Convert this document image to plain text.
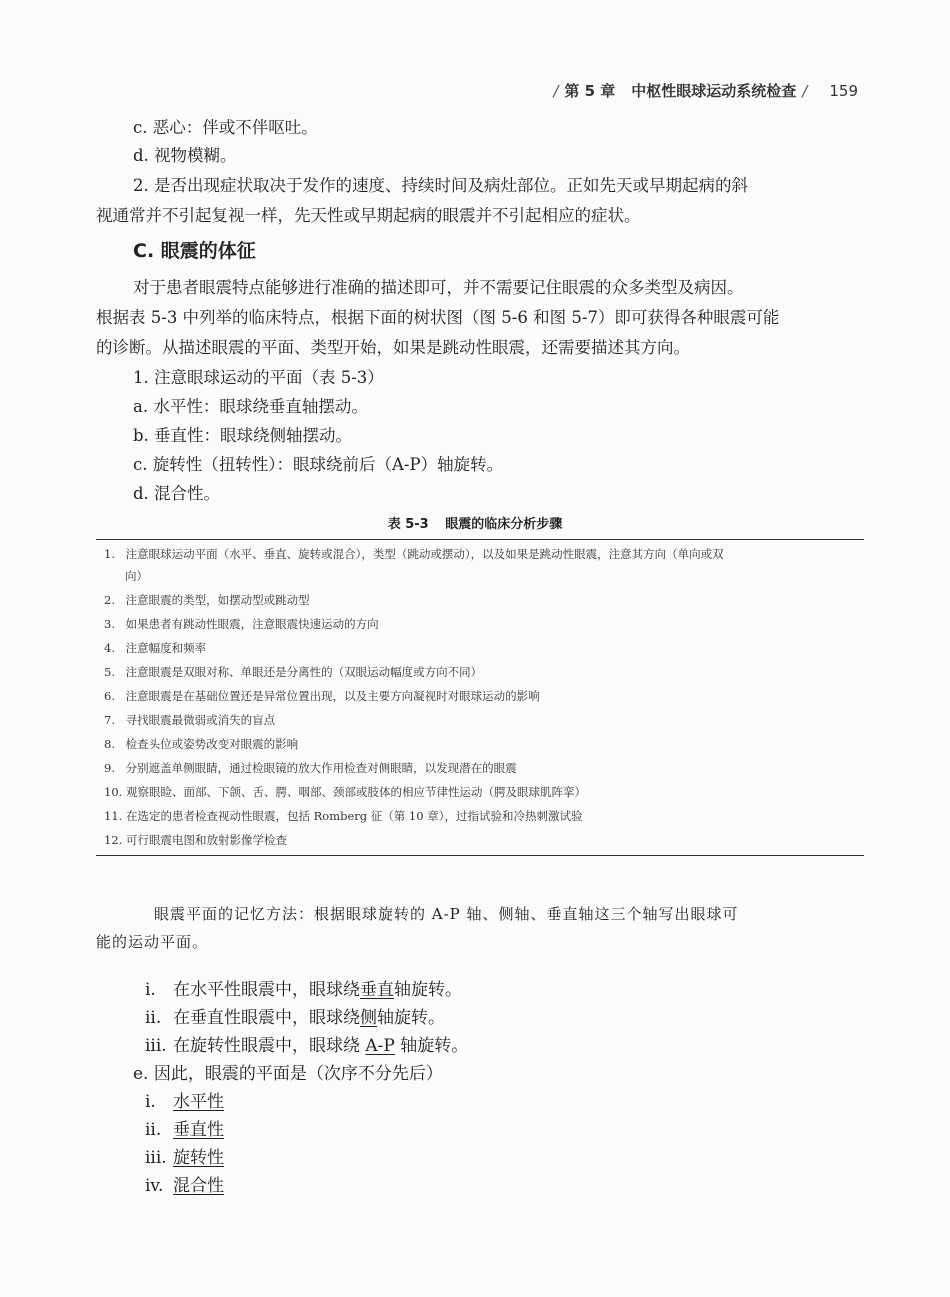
/ 第 5 章 中枢性眼球运动系统检查 / 159
c. 恶心：伴或不伴呕吐。
d. 视物模糊。
2. 是否出现症状取决于发作的速度、持续时间及病灶部位。正如先天或早期起病的斜
视通常并不引起复视一样，先天性或早期起病的眼震并不引起相应的症状。
C. 眼震的体征
对于患者眼震特点能够进行准确的描述即可，并不需要记住眼震的众多类型及病因。
根据表 5-3 中列举的临床特点，根据下面的树状图（图 5-6 和图 5-7）即可获得各种眼震可能
的诊断。从描述眼震的平面、类型开始，如果是跳动性眼震，还需要描述其方向。
1. 注意眼球运动的平面（表 5-3）
a. 水平性：眼球绕垂直轴摆动。
b. 垂直性：眼球绕侧轴摆动。
c. 旋转性（扭转性）：眼球绕前后（A-P）轴旋转。
d. 混合性。
表 5-3 眼震的临床分析步骤
1. 注意眼球运动平面（水平、垂直、旋转或混合），类型（跳动或摆动），以及如果是跳动性眼震，注意其方向（单向或双
向）
2. 注意眼震的类型，如摆动型或跳动型
3. 如果患者有跳动性眼震，注意眼震快速运动的方向
4. 注意幅度和频率
5. 注意眼震是双眼对称、单眼还是分离性的（双眼运动幅度或方向不同）
6. 注意眼震是在基础位置还是异常位置出现，以及主要方向凝视时对眼球运动的影响
7. 寻找眼震最微弱或消失的盲点
8. 检查头位或姿势改变对眼震的影响
9. 分别遮盖单侧眼睛，通过检眼镜的放大作用检查对侧眼睛，以发现潜在的眼震
10. 观察眼睑、面部、下颌、舌、腭、咽部、颈部或肢体的相应节律性运动（腭及眼球肌阵挛）
11. 在选定的患者检查视动性眼震，包括 Romberg 征（第 10 章），过指试验和冷热刺激试验
12. 可行眼震电图和放射影像学检查
眼震平面的记忆方法：根据眼球旋转的 A-P 轴、侧轴、垂直轴这三个轴写出眼球可
能的运动平面。
i. 在水平性眼震中，眼球绕垂直轴旋转。
ii. 在垂直性眼震中，眼球绕侧轴旋转。
iii. 在旋转性眼震中，眼球绕 A-P 轴旋转。
e. 因此，眼震的平面是（次序不分先后）
i. 水平性
ii. 垂直性
iii. 旋转性
iv. 混合性
